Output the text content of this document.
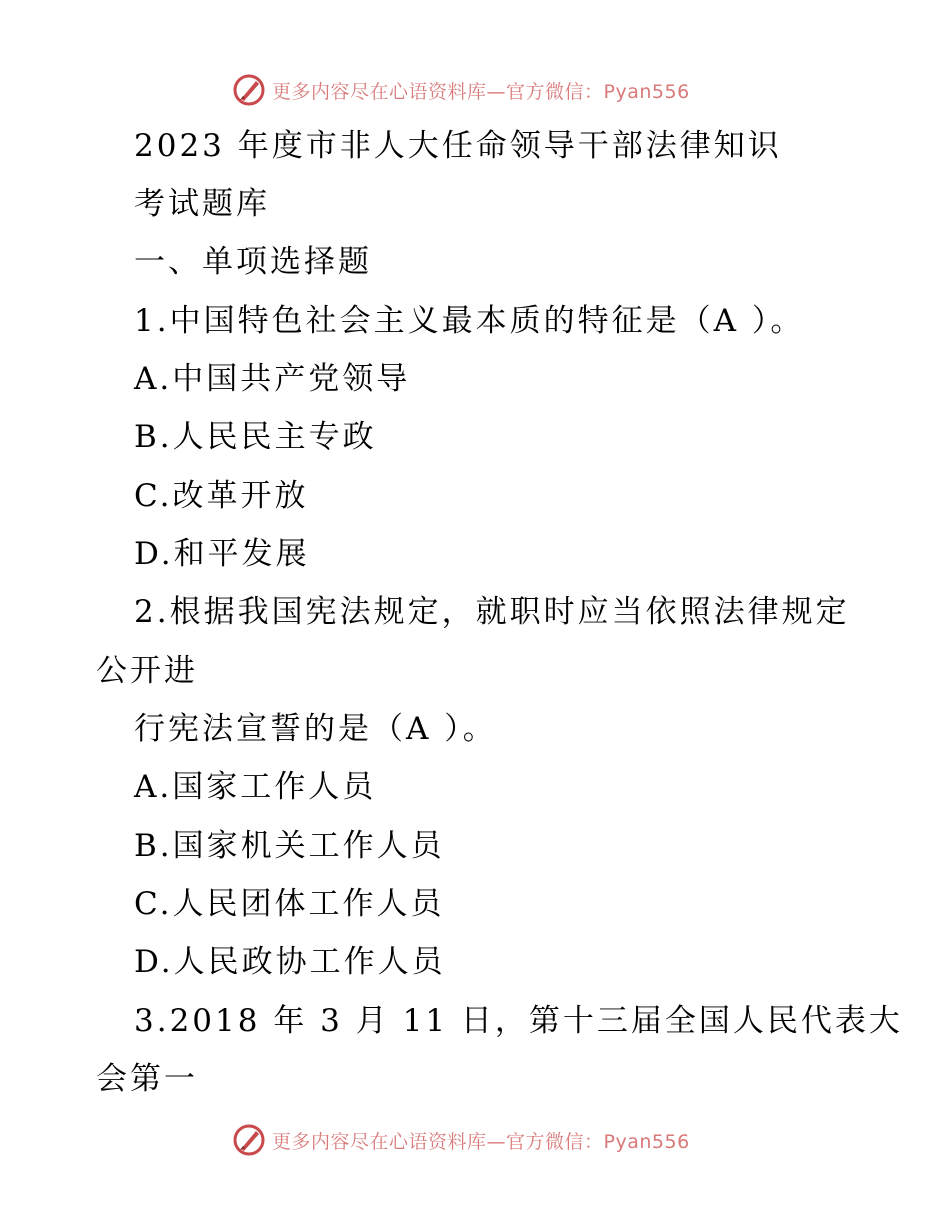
更多内容尽在心语资料库—官方微信：Pyan556
2023 年度市非人大任命领导干部法律知识
考试题库
一、单项选择题
1.中国特色社会主义最本质的特征是（A ）。
A.中国共产党领导
B.人民民主专政
C.改革开放
D.和平发展
2.根据我国宪法规定，就职时应当依照法律规定
公开进
行宪法宣誓的是（A ）。
A.国家工作人员
B.国家机关工作人员
C.人民团体工作人员
D.人民政协工作人员
3.2018 年 3 月 11 日，第十三届全国人民代表大
会第一
更多内容尽在心语资料库—官方微信：Pyan556
